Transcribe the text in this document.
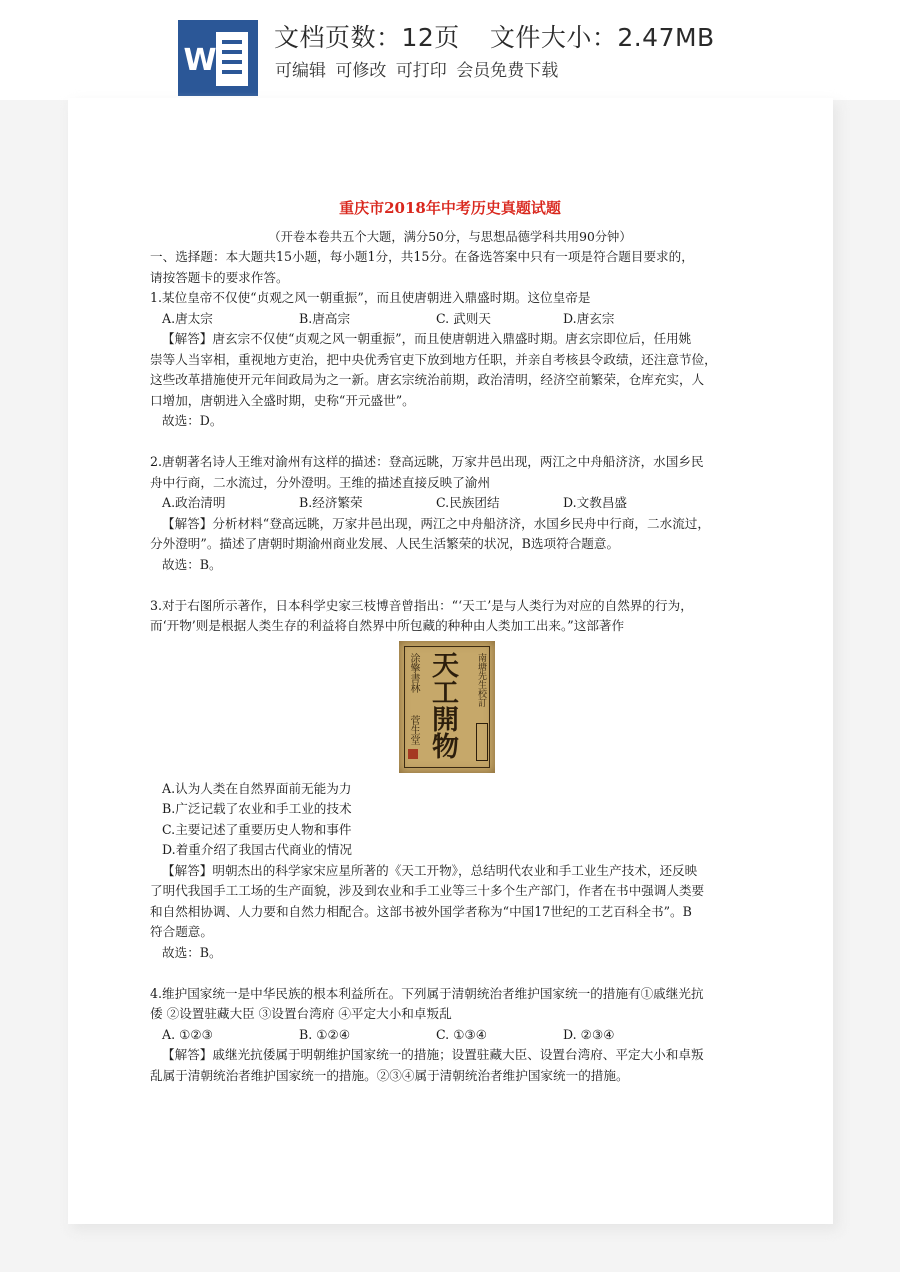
W
文档页数：12页 文件大小：2.47MB
可编辑 可修改 可打印 会员免费下载
重庆市2018年中考历史真题试题
（开卷本卷共五个大题，满分50分，与思想品德学科共用90分钟）

一、选择题：本大题共15小题，每小题1分，共15分。在备选答案中只有一项是符合题目要求的，

请按答题卡的要求作答。

1.某位皇帝不仅使“贞观之风一朝重振”，而且使唐朝进入鼎盛时期。这位皇帝是

A.唐太宗	B.唐高宗	C. 武则天	D.唐玄宗

【解答】唐玄宗不仅使“贞观之风一朝重振”，而且使唐朝进入鼎盛时期。唐玄宗即位后，任用姚

崇等人当宰相，重视地方吏治，把中央优秀官吏下放到地方任职，并亲自考核县令政绩，还注意节俭，

这些改革措施使开元年间政局为之一新。唐玄宗统治前期，政治清明，经济空前繁荣，仓库充实，人

口增加，唐朝进入全盛时期，史称“开元盛世”。

故选：D。

2.唐朝著名诗人王维对渝州有这样的描述：登高远眺，万家井邑出现，两江之中舟船济济，水国乡民

舟中行商，二水流过，分外澄明。王维的描述直接反映了渝州

A.政治清明	B.经济繁荣	C.民族团结	D.文教昌盛

【解答】分析材料“登高远眺，万家井邑出现，两江之中舟船济济，水国乡民舟中行商，二水流过，

分外澄明”。描述了唐朝时期渝州商业发展、人民生活繁荣的状况，B选项符合题意。

故选：B。

3.对于右图所示著作，日本科学史家三枝博音曾指出：“‘天工’是与人类行为对应的自然界的行为，

而‘开物’则是根据人类生存的利益将自然界中所包藏的种种由人类加工出来。”这部著作

涂擎書林
菅生堂 天工開物 南塘先生校訂

A.认为人类在自然界面前无能为力

B.广泛记载了农业和手工业的技术

C.主要记述了重要历史人物和事件

D.着重介绍了我国古代商业的情况

【解答】明朝杰出的科学家宋应星所著的《天工开物》，总结明代农业和手工业生产技术，还反映

了明代我国手工工场的生产面貌，涉及到农业和手工业等三十多个生产部门，作者在书中强调人类要

和自然相协调、人力要和自然力相配合。这部书被外国学者称为“中国17世纪的工艺百科全书”。B

符合题意。

故选：B。

4.维护国家统一是中华民族的根本利益所在。下列属于清朝统治者维护国家统一的措施有①戚继光抗

倭 ②设置驻藏大臣 ③设置台湾府 ④平定大小和卓叛乱

A. ①②③	B. ①②④	C. ①③④	D. ②③④

【解答】戚继光抗倭属于明朝维护国家统一的措施；设置驻藏大臣、设置台湾府、平定大小和卓叛

乱属于清朝统治者维护国家统一的措施。②③④属于清朝统治者维护国家统一的措施。
